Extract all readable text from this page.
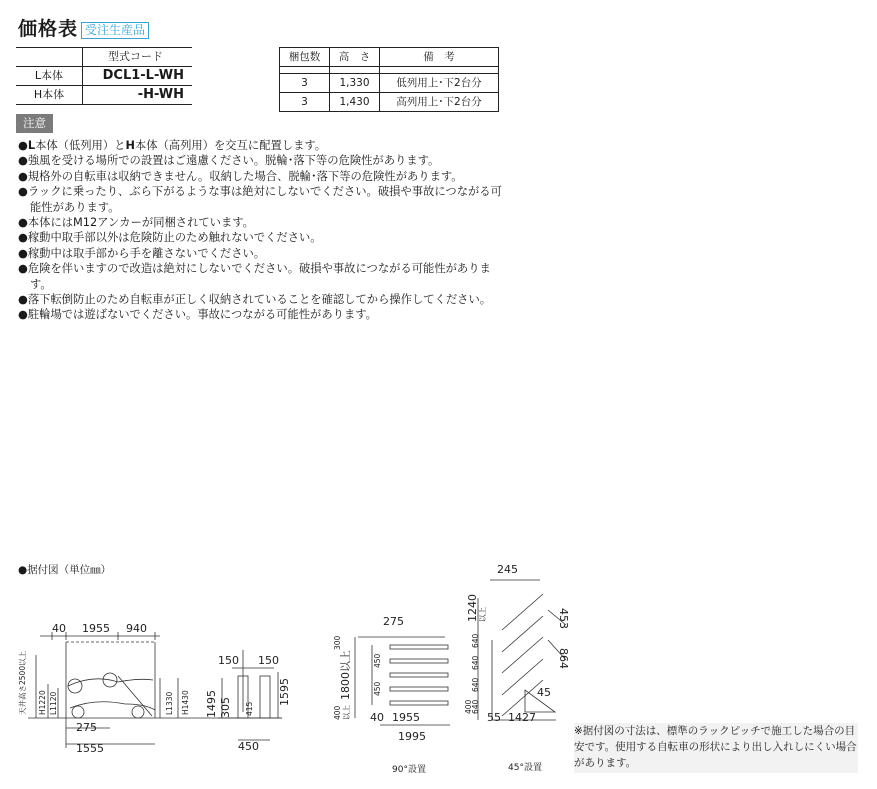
価格表 受注生産品
	型式コード
L本体	DCL1-L-WH
H本体	-H-WH
梱包数	高　さ	備　考

3	1,330	低列用上･下2台分
3	1,430	高列用上･下2台分
注意
●L本体（低列用）とH本体（高列用）を交互に配置します。
●強風を受ける場所での設置はご遠慮ください。脱輪･落下等の危険性があります。
●規格外の自転車は収納できません。収納した場合、脱輪･落下等の危険性があります。
●ラックに乗ったり、ぶら下がるような事は絶対にしないでください。破損や事故につながる可能性があります。
●本体にはM12アンカーが同梱されています。
●稼動中取手部以外は危険防止のため触れないでください。
●稼動中は取手部から手を離さないでください。
●危険を伴いますので改造は絶対にしないでください。破損や事故につながる可能性があります。
●落下転倒防止のため自転車が正しく収納されていることを確認してから操作してください。
●駐輪場では遊ばないでください。事故につながる可能性があります。
●据付図（単位㎜）
40 1955 940
天井高さ2500以上 H1220 L1120	L1330 H1430
275
1555
150 150
1495 305 415
1595
450
275
300
1800以上
400 以上
450
450
40 1955
1995
90°設置
245
1240 以上
640
640
640
400
640
453
864
45
55 1427
45°設置
※据付図の寸法は、標準のラックピッチで施工した場合の目安です。使用する自転車の形状により出し入れしにくい場合があります。
